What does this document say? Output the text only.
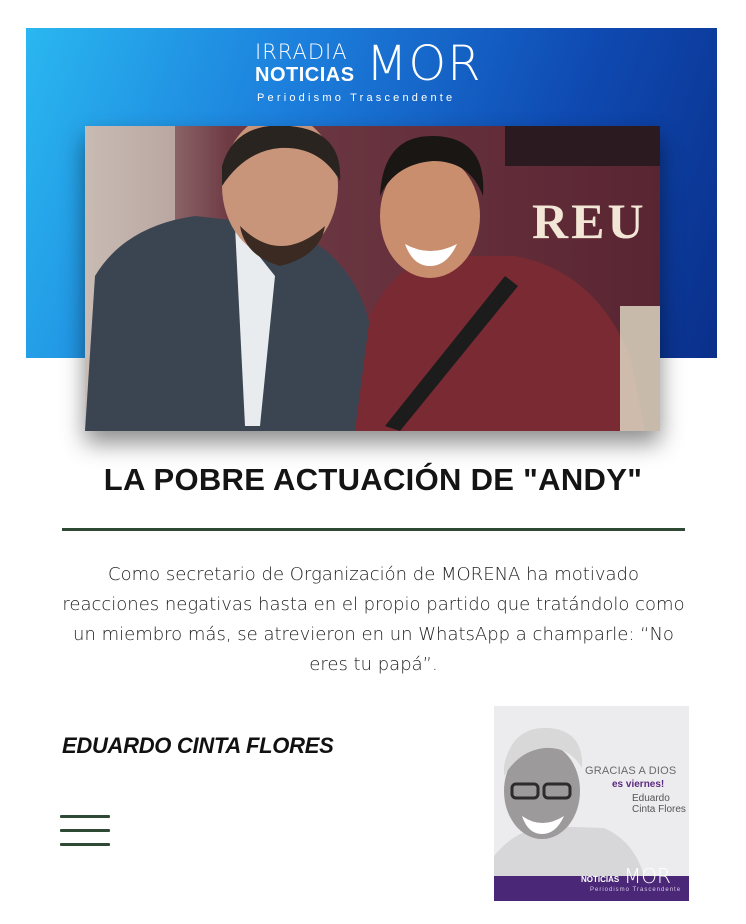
IRRADIA
NOTICIAS MOR
Periodismo Trascendente
REU
LA POBRE ACTUACIÓN DE "ANDY"

Como secretario de Organización de MORENA ha motivado reacciones negativas hasta en el propio partido que tratándolo como un miembro más, se atrevieron en un WhatsApp a champarle: “No eres tu papá”.

EDUARDO CINTA FLORES
GRACIAS A DIOS
es viernes!
Eduardo Cinta Flores
MOR
NOTICIAS
Periodismo Trascendente
